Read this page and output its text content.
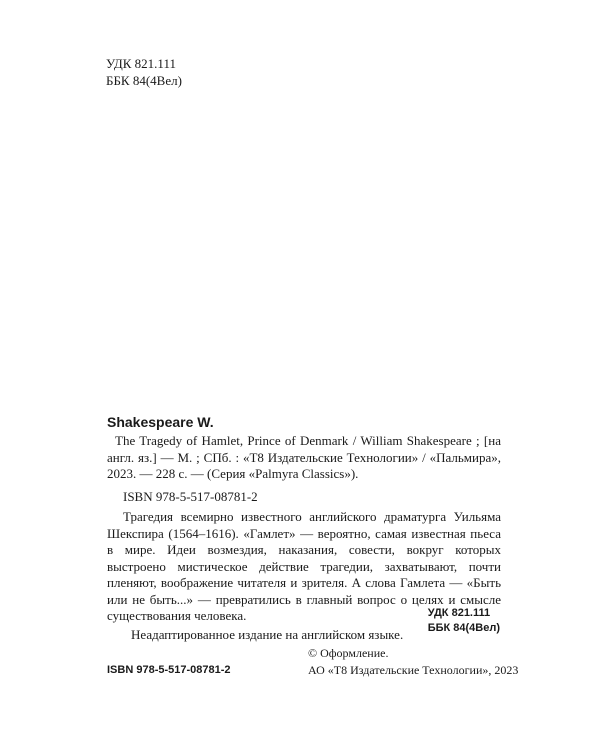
УДК 821.111
ББК 84(4Вел)
Shakespeare W.

The Tragedy of Hamlet, Prince of Denmark / William Shakespeare ; [на англ. яз.] — М. ; СПб. : «Т8 Издательские Технологии» / «Пальмира», 2023. — 228 с. — (Серия «Palmyra Classics»).

ISBN 978-5-517-08781-2
Трагедия всемирно известного английского драматурга Уильяма Шекспира (1564–1616). «Гамлет» — вероятно, самая известная пьеса в мире. Идеи возмездия, наказания, совести, вокруг которых выстроено мистическое действие трагедии, захватывают, почти пленяют, воображение читателя и зрителя. А слова Гамлета — «Быть или не быть...» — превратились в главный вопрос о целях и смысле существования человека.
Неадаптированное издание на английском языке.
УДК 821.111
ББК 84(4Вел)
ISBN 978-5-517-08781-2
© Оформление.
АО «Т8 Издательские Технологии», 2023
